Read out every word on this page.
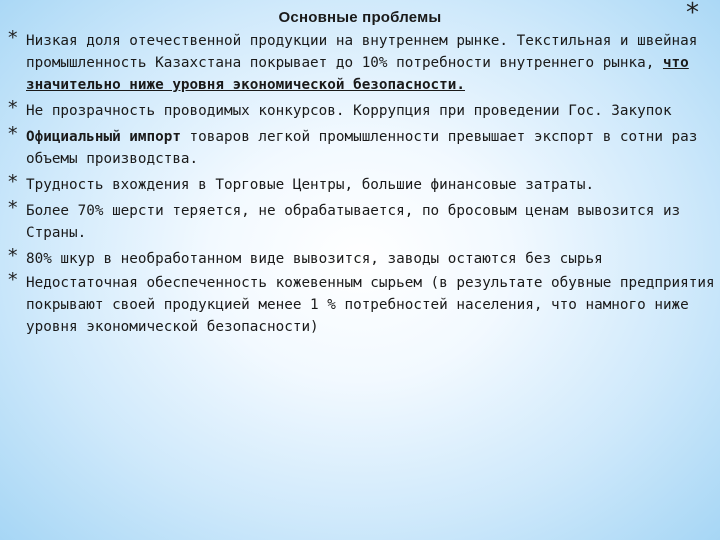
Основные проблемы	*
* Низкая доля отечественной продукции на внутреннем рынке. Текстильная и швейная промышленность Казахстана покрывает до 10% потребности внутреннего рынка, что значительно ниже уровня экономической безопасности.
* Не прозрачность проводимых конкурсов. Коррупция при проведении Гос. Закупок
* Официальный импорт товаров легкой промышленности превышает экспорт в сотни раз объемы производства.
* Трудность вхождения в Торговые Центры, большие финансовые затраты.
* Более 70% шерсти теряется, не обрабатывается, по бросовым ценам вывозится из Страны.
* 80% шкур в необработанном виде вывозится, заводы остаются без сырья
* Недостаточная обеспеченность кожевенным сырьем (в результате обувные предприятия покрывают своей продукцией менее 1 % потребностей населения, что намного ниже уровня экономической безопасности)
